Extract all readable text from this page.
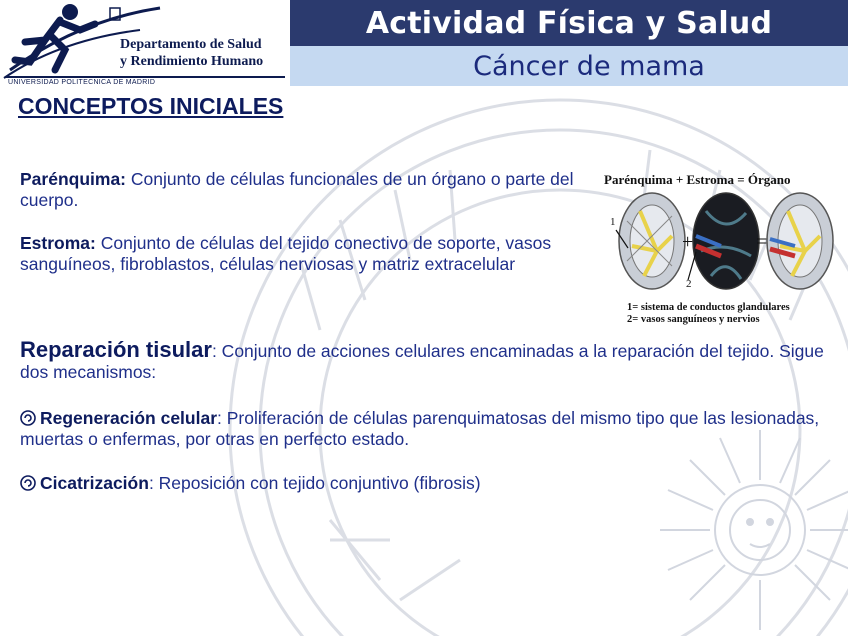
Departamento de Salud
y Rendimiento Humano
UNIVERSIDAD POLITECNICA DE MADRID
Actividad Física y Salud
Cáncer de mama
CONCEPTOS INICIALES
Parénquima: Conjunto de células funcionales de un órgano o parte del cuerpo.
Estroma: Conjunto de células del tejido conectivo de soporte, vasos sanguíneos, fibroblastos, células nerviosas y matriz extracelular
Reparación tisular: Conjunto de acciones celulares encaminadas a la reparación del tejido. Sigue dos mecanismos:
Regeneración celular: Proliferación de células parenquimatosas del mismo tipo que las lesionadas, muertas o enfermas, por otras en perfecto estado.
Cicatrización: Reposición con tejido conjuntivo (fibrosis)
Parénquima + Estroma = Órgano
+	=
1
2
1= sistema de conductos glandulares
2= vasos sanguíneos y nervios
